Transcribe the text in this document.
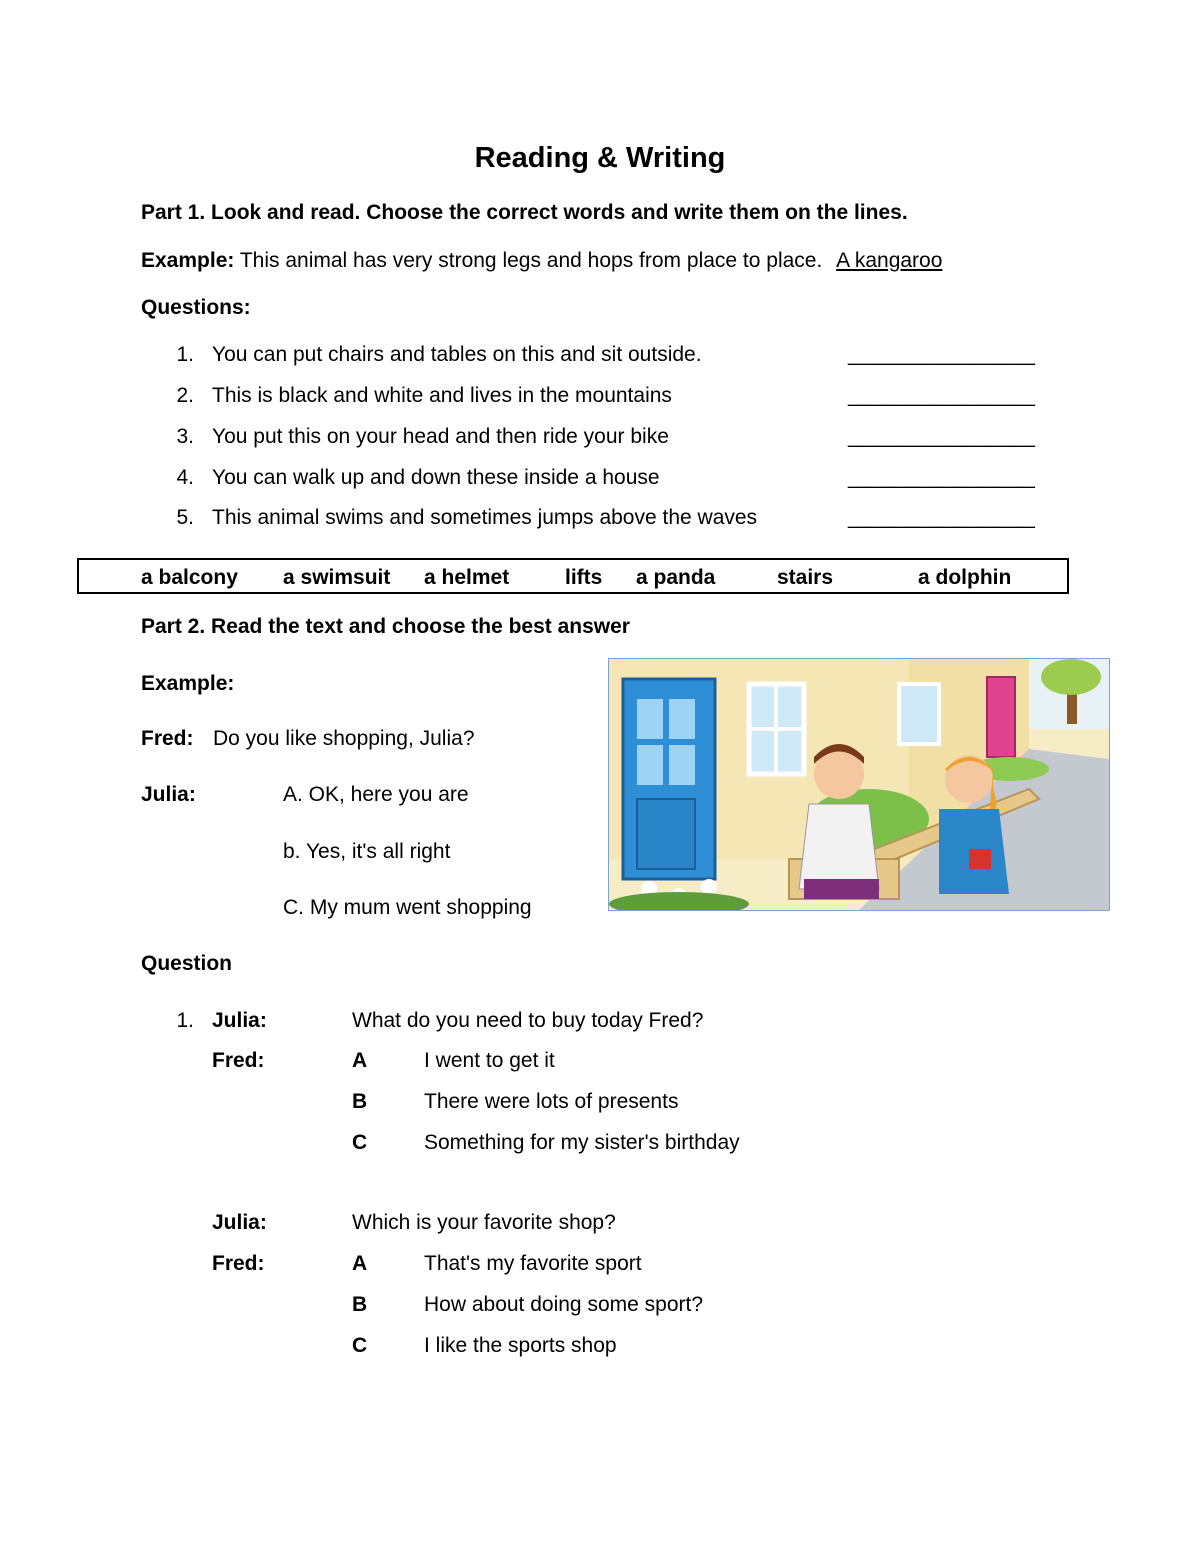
Reading & Writing
Part 1. Look and read. Choose the correct words and write them on the lines.
Example: This animal has very strong legs and hops from place to place. A kangaroo
Questions:
1. You can put chairs and tables on this and sit outside.	________________
2. This is black and white and lives in the mountains	________________
3. You put this on your head and then ride your bike	________________
4. You can walk up and down these inside a house	________________
5. This animal swims and sometimes jumps above the waves	________________
a balcony a swimsuit a helmet	lifts a panda	stairs	a dolphin
Part 2. Read the text and choose the best answer
Example:
Fred: Do you like shopping, Julia?
Julia:	A. OK, here you are
b. Yes, it's all right
C. My mum went shopping
Question
1. Julia:	What do you need to buy today Fred?
Fred:	A	I went to get it
B	There were lots of presents
C	Something for my sister's birthday
Julia:	Which is your favorite shop?
Fred:	A	That's my favorite sport
B	How about doing some sport?
C	I like the sports shop
